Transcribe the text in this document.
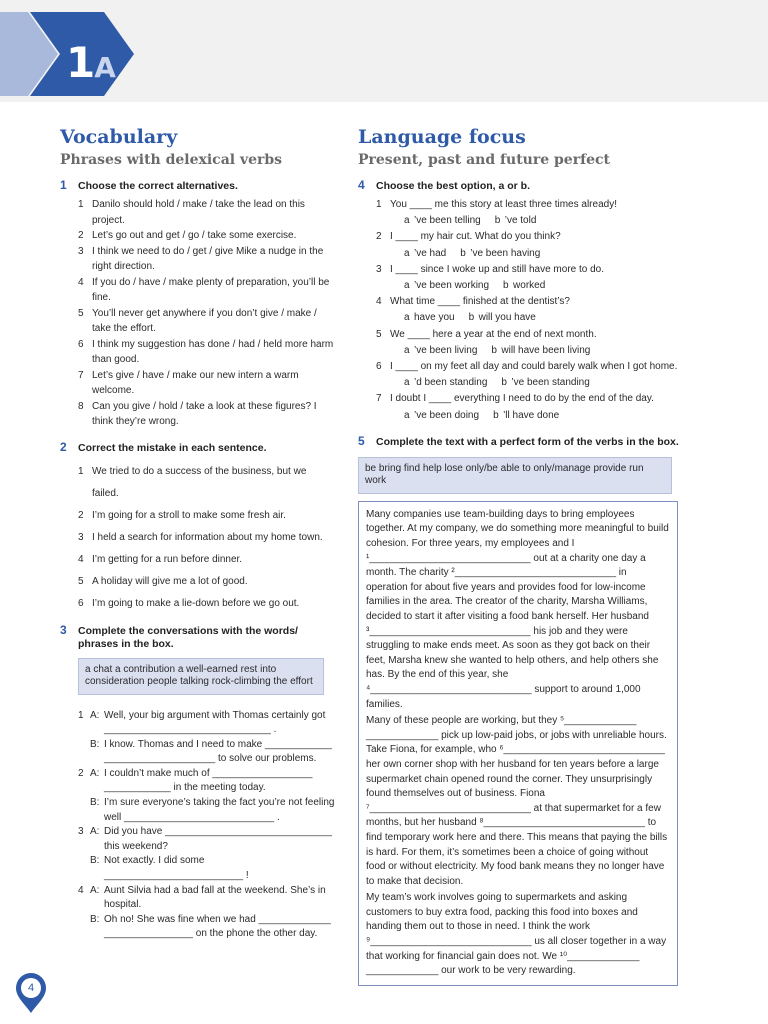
1A
Vocabulary
Phrases with delexical verbs
1 Choose the correct alternatives.
1 Danilo should hold / make / take the lead on this project.
2 Let’s go out and get / go / take some exercise.
3 I think we need to do / get / give Mike a nudge in the right direction.
4 If you do / have / make plenty of preparation, you’ll be fine.
5 You’ll never get anywhere if you don’t give / make / take the effort.
6 I think my suggestion has done / had / held more harm than good.
7 Let’s give / have / make our new intern a warm welcome.
8 Can you give / hold / take a look at these figures? I think they’re wrong.
2 Correct the mistake in each sentence.
1 We tried to do a success of the business, but we failed.
2 I’m going for a stroll to make some fresh air.
3 I held a search for information about my home town.
4 I’m getting for a run before dinner.
5 A holiday will give me a lot of good.
6 I’m going to make a lie-down before we go out.
3 Complete the conversations with the words/ phrases in the box.
a chat a contribution a well-earned rest into consideration people talking rock-climbing the effort
1 A: Well, your big argument with Thomas certainly got ______________________________ .
B: I know. Thomas and I need to make ____________ ____________________ to solve our problems.
2 A: I couldn’t make much of __________________ ____________ in the meeting today.
B: I’m sure everyone’s taking the fact you’re not feeling well ___________________________ .
3 A: Did you have ______________________________ this weekend?
B: Not exactly. I did some _________________________ !
4 A: Aunt Silvia had a bad fall at the weekend. She’s in hospital.
B: Oh no! She was fine when we had _____________ ________________ on the phone the other day.
Language focus
Present, past and future perfect
4 Choose the best option, a or b.
1 You ____ me this story at least three times already!
a ’ve been telling b ’ve told
2 I ____ my hair cut. What do you think?
a ’ve had b ’ve been having
3 I ____ since I woke up and still have more to do.
a ’ve been working b worked
4 What time ____ finished at the dentist’s?
a have you b will you have
5 We ____ here a year at the end of next month.
a ’ve been living b will have been living
6 I ____ on my feet all day and could barely walk when I got home.
a ’d been standing b ’ve been standing
7 I doubt I ____ everything I need to do by the end of the day.
a ’ve been doing b ’ll have done
5 Complete the text with a perfect form of the verbs in the box.
be bring find help lose only/be able to only/manage provide run work
Many companies use team-building days to bring employees together. At my company, we do something more meaningful to build cohesion. For three years, my employees and I ¹_____________________________ out at a charity one day a month. The charity ²_____________________________ in operation for about five years and provides food for low-income families in the area. The creator of the charity, Marsha Williams, decided to start it after visiting a food bank herself. Her husband ³_____________________________ his job and they were struggling to make ends meet. As soon as they got back on their feet, Marsha knew she wanted to help others, and help others she has. By the end of this year, she ⁴_____________________________ support to around 1,000 families.
Many of these people are working, but they ⁵_____________ _____________ pick up low-paid jobs, or jobs with unreliable hours. Take Fiona, for example, who ⁶_____________________________ her own corner shop with her husband for ten years before a large supermarket chain opened round the corner. They unsurprisingly found themselves out of business. Fiona ⁷_____________________________ at that supermarket for a few months, but her husband ⁸_____________________________ to find temporary work here and there. This means that paying the bills is hard. For them, it’s sometimes been a choice of going without food or without electricity. My food bank means they no longer have to make that decision.
My team’s work involves going to supermarkets and asking customers to buy extra food, packing this food into boxes and handing them out to those in need. I think the work ⁹_____________________________ us all closer together in a way that working for financial gain does not. We ¹⁰_____________ _____________ our work to be very rewarding.
4
